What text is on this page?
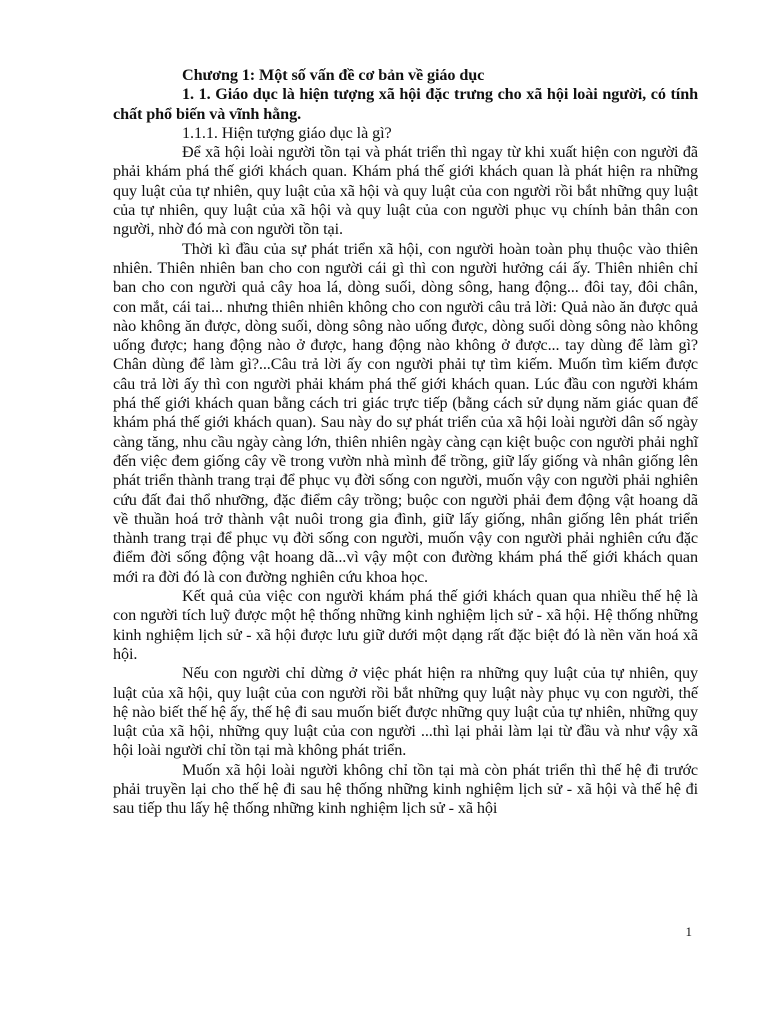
Chương 1: Một số vấn đề cơ bản về giáo dục

1. 1. Giáo dục là hiện tượng xã hội đặc trưng cho xã hội loài người, có tính chất phổ biến và vĩnh hằng.

1.1.1. Hiện tượng giáo dục là gì?

Để xã hội loài người tồn tại và phát triển thì ngay từ khi xuất hiện con người đã phải khám phá thế giới khách quan. Khám phá thế giới khách quan là phát hiện ra những quy luật của tự nhiên, quy luật của xã hội và quy luật của con người rồi bắt những quy luật của tự nhiên, quy luật của xã hội và quy luật của con người phục vụ chính bản thân con người, nhờ đó mà con người tồn tại.

Thời kì đầu của sự phát triển xã hội, con người hoàn toàn phụ thuộc vào thiên nhiên. Thiên nhiên ban cho con người cái gì thì con người hưởng cái ấy. Thiên nhiên chỉ ban cho con người quả cây hoa lá, dòng suối, dòng sông, hang động... đôi tay, đôi chân, con mắt, cái tai... nhưng thiên nhiên không cho con người câu trả lời: Quả nào ăn được quả nào không ăn được, dòng suối, dòng sông nào uống được, dòng suối dòng sông nào không uống được; hang động nào ở được, hang động nào không ở được... tay dùng để làm gì? Chân dùng để làm gì?...Câu trả lời ấy con người phải tự tìm kiếm. Muốn tìm kiếm được câu trả lời ấy thì con người phải khám phá thế giới khách quan. Lúc đầu con người khám phá thế giới khách quan bằng cách tri giác trực tiếp (bằng cách sử dụng năm giác quan để khám phá thế giới khách quan). Sau này do sự phát triển của xã hội loài người dân số ngày càng tăng, nhu cầu ngày càng lớn, thiên nhiên ngày càng cạn kiệt buộc con người phải nghĩ đến việc đem giống cây về trong vườn nhà mình để trồng, giữ lấy giống và nhân giống lên phát triển thành trang trại để phục vụ đời sống con người, muốn vậy con người phải nghiên cứu đất đai thổ nhưỡng, đặc điểm cây trồng; buộc con người phải đem động vật hoang dã về thuần hoá trở thành vật nuôi trong gia đình, giữ lấy giống, nhân giống lên phát triển thành trang trại để phục vụ đời sống con người, muốn vậy con người phải nghiên cứu đặc điểm đời sống động vật hoang dã...vì vậy một con đường khám phá thế giới khách quan mới ra đời đó là con đường nghiên cứu khoa học.

Kết quả của việc con người khám phá thế giới khách quan qua nhiều thế hệ là con người tích luỹ được một hệ thống những kinh nghiệm lịch sử - xã hội. Hệ thống những kinh nghiệm lịch sử - xã hội được lưu giữ dưới một dạng rất đặc biệt đó là nền văn hoá xã hội.

Nếu con người chỉ dừng ở việc phát hiện ra những quy luật của tự nhiên, quy luật của xã hội, quy luật của con người rồi bắt những quy luật này phục vụ con người, thế hệ nào biết thế hệ ấy, thế hệ đi sau muốn biết được những quy luật của tự nhiên, những quy luật của xã hội, những quy luật của con người ...thì lại phải làm lại từ đầu và như vậy xã hội loài người chỉ tồn tại mà không phát triển.

Muốn xã hội loài người không chỉ tồn tại mà còn phát triển thì thế hệ đi trước phải truyền lại cho thế hệ đi sau hệ thống những kinh nghiệm lịch sử - xã hội và thế hệ đi sau tiếp thu lấy hệ thống những kinh nghiệm lịch sử - xã hội

1
